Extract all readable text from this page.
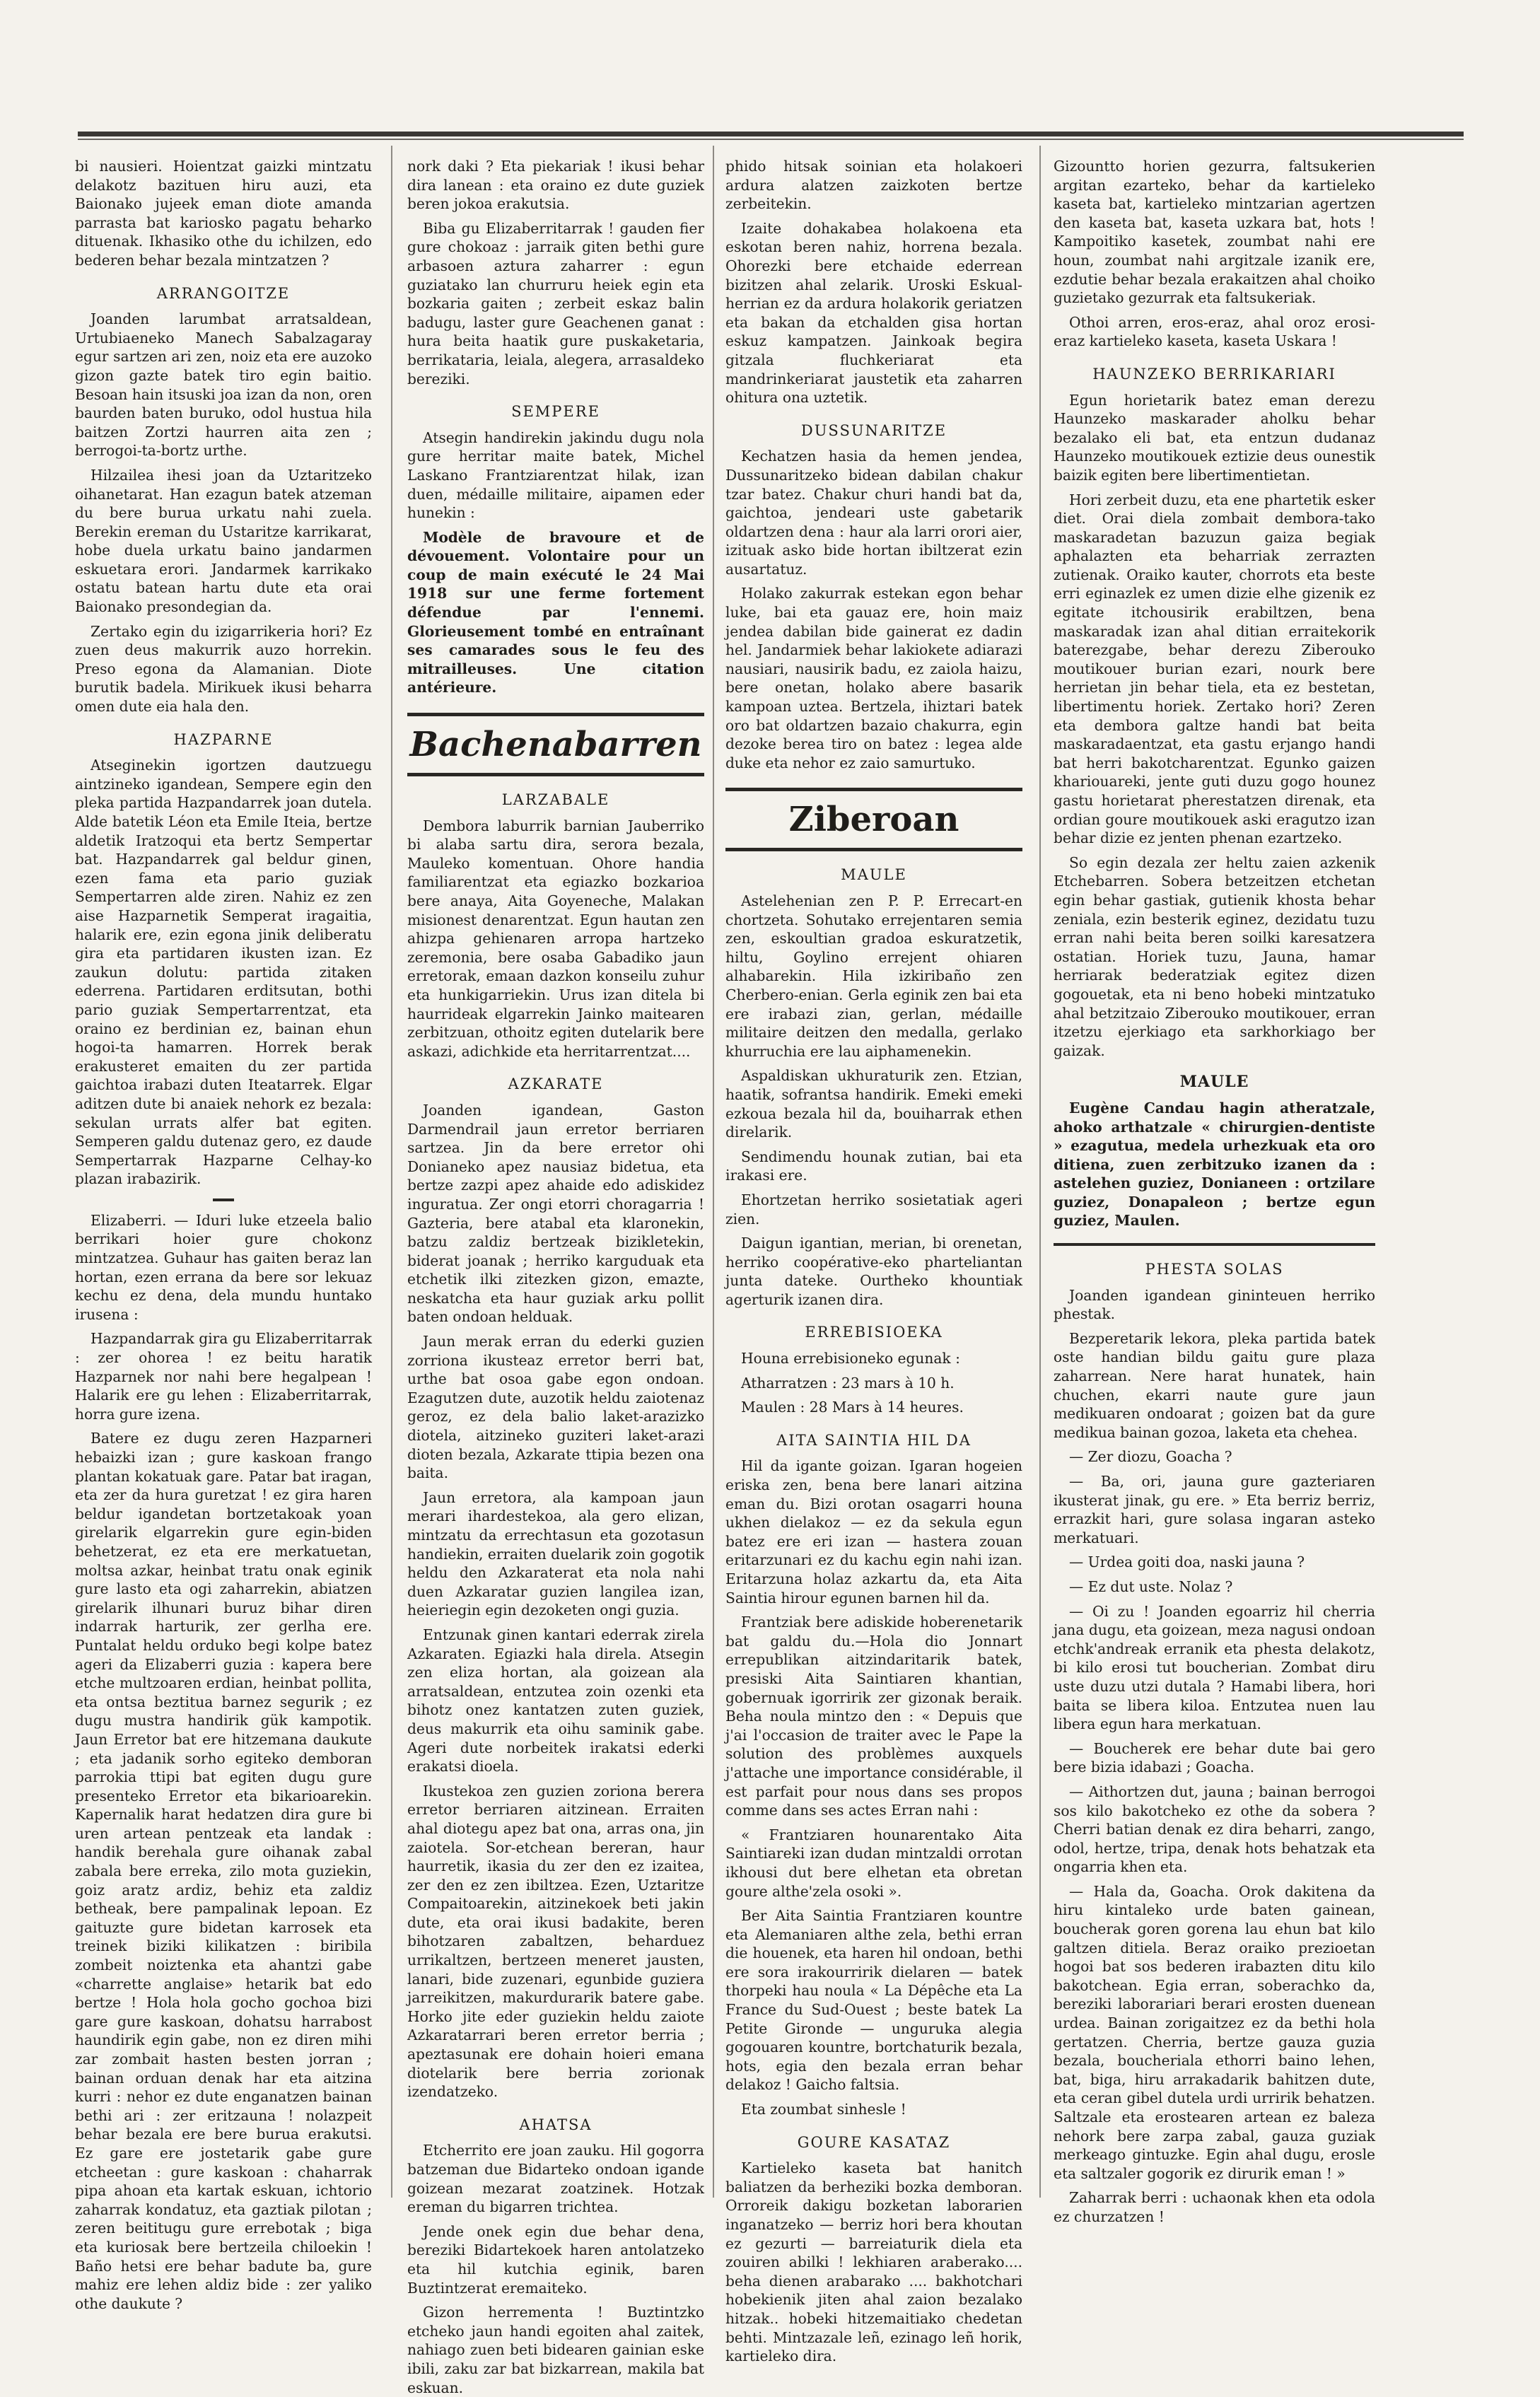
bi nausieri. Hoientzat gaizki mintzatu delakotz bazituen hiru auzi, eta Baionako jujeek eman diote amanda parrasta bat kariosko pagatu beharko dituenak. Ikhasiko othe du ichilzen, edo bederen behar bezala mintzatzen ?

ARRANGOITZE

Joanden larumbat arratsaldean, Urtubiaeneko Manech Sabalzagaray egur sartzen ari zen, noiz eta ere auzoko gizon gazte batek tiro egin baitio. Besoan hain itsuski joa izan da non, oren baurden baten buruko, odol hustua hila baitzen Zortzi haurren aita zen ; berrogoi-ta-bortz urthe.

Hilzailea ihesi joan da Uztaritzeko oihanetarat. Han ezagun batek atzeman du bere burua urkatu nahi zuela. Berekin ereman du Ustaritze karrikarat, hobe duela urkatu baino jandarmen eskuetara erori. Jandarmek karrikako ostatu batean hartu dute eta orai Baionako presondegian da.

Zertako egin du izigarrikeria hori? Ez zuen deus makurrik auzo horrekin. Preso egona da Alamanian. Diote burutik badela. Mirikuek ikusi beharra omen dute eia hala den.

HAZPARNE

Atseginekin igortzen dautzuegu aintzineko igandean, Sempere egin den pleka partida Hazpandarrek joan dutela. Alde batetik Léon eta Emile Iteia, bertze aldetik Iratzoqui eta bertz Sempertar bat. Hazpandarrek gal beldur ginen, ezen fama eta pario guziak Sempertarren alde ziren. Nahiz ez zen aise Hazparnetik Semperat iragaitia, halarik ere, ezin egona jinik deliberatu gira eta partidaren ikusten izan. Ez zaukun dolutu: partida zitaken ederrena. Partidaren erditsutan, bothi pario guziak Sempertarrentzat, eta oraino ez berdinian ez, bainan ehun hogoi-ta hamarren. Horrek berak erakusteret emaiten du zer partida gaichtoa irabazi duten Iteatarrek. Elgar aditzen dute bi anaiek nehork ez bezala: sekulan urrats alfer bat egiten. Semperen galdu dutenaz gero, ez daude Sempertarrak Hazparne Celhay-ko plazan irabazirik.

Elizaberri. — Iduri luke etzeela balio berrikari hoier gure chokonz mintzatzea. Guhaur has gaiten beraz lan hortan, ezen errana da bere sor lekuaz kechu ez dena, dela mundu huntako irusena :

Hazpandarrak gira gu Elizaberritarrak : zer ohorea ! ez beitu haratik Hazparnek nor nahi bere hegalpean ! Halarik ere gu lehen : Elizaberritarrak, horra gure izena.

Batere ez dugu zeren Hazparneri hebaizki izan ; gure kaskoan frango plantan kokatuak gare. Patar bat iragan, eta zer da hura guretzat ! ez gira haren beldur igandetan bortzetakoak yoan girelarik elgarrekin gure egin-biden behetzerat, ez eta ere merkatuetan, moltsa azkar, heinbat tratu onak eginik gure lasto eta ogi zaharrekin, abiatzen girelarik ilhunari buruz bihar diren indarrak harturik, zer gerlha ere. Puntalat heldu orduko begi kolpe batez ageri da Elizaberri guzia : kapera bere etche multzoaren erdian, heinbat pollita, eta ontsa beztitua barnez segurik ; ez dugu mustra handirik gük kampotik. Jaun Erretor bat ere hitzemana daukute ; eta jadanik sorho egiteko demboran parrokia ttipi bat egiten dugu gure presenteko Erretor eta bikarioarekin. Kapernalik harat hedatzen dira gure bi uren artean pentzeak eta landak : handik berehala gure oihanak zabal zabala bere erreka, zilo mota guziekin, goiz aratz ardiz, behiz eta zaldiz betheak, bere pampalinak lepoan. Ez gaituzte gure bidetan karrosek eta treinek biziki kilikatzen : biribila zombeit noiztenka eta ahantzi gabe «charrette anglaise» hetarik bat edo bertze ! Hola hola gocho gochoa bizi gare gure kaskoan, dohatsu harrabost haundirik egin gabe, non ez diren mihi zar zombait hasten besten jorran ; bainan orduan denak har eta aitzina kurri : nehor ez dute enganatzen bainan bethi ari : zer eritzauna ! nolazpeit behar bezala ere bere burua erakutsi. Ez gare ere jostetarik gabe gure etcheetan : gure kaskoan : chaharrak pipa ahoan eta kartak eskuan, ichtorio zaharrak kondatuz, eta gaztiak pilotan ; zeren beititugu gure errebotak ; biga eta kuriosak bere bertzeila chiloekin ! Baño hetsi ere behar badute ba, gure mahiz ere lehen aldiz bide : zer yaliko othe daukute ?

nork daki ? Eta piekariak ! ikusi behar dira lanean : eta oraino ez dute guziek beren jokoa erakutsia.

Biba gu Elizaberritarrak ! gauden fier gure chokoaz : jarraik giten bethi gure arbasoen aztura zaharrer : egun guziatako lan churruru heiek egin eta bozkaria gaiten ; zerbeit eskaz balin badugu, laster gure Geachenen ganat : hura beita haatik gure puskaketaria, berrikataria, leiala, alegera, arrasaldeko bereziki.

SEMPERE

Atsegin handirekin jakindu dugu nola gure herritar maite batek, Michel Laskano Frantziarentzat hilak, izan duen, médaille militaire, aipamen eder hunekin :

Modèle de bravoure et de dévouement. Volontaire pour un coup de main exécuté le 24 Mai 1918 sur une ferme fortement défendue par l'ennemi. Glorieusement tombé en entraînant ses camarades sous le feu des mitrailleuses. Une citation antérieure.

Bachenabarren
LARZABALE

Dembora laburrik barnian Jauberriko bi alaba sartu dira, serora bezala, Mauleko komentuan. Ohore handia familiarentzat eta egiazko bozkarioa bere anaya, Aita Goyeneche, Malakan misionest denarentzat. Egun hautan zen ahizpa gehienaren arropa hartzeko zeremonia, bere osaba Gabadiko jaun erretorak, emaan dazkon konseilu zuhur eta hunkigarriekin. Urus izan ditela bi haurrideak elgarrekin Jainko maitearen zerbitzuan, othoitz egiten dutelarik bere askazi, adichkide eta herritarrentzat....

AZKARATE

Joanden igandean, Gaston Darmendrail jaun erretor berriaren sartzea. Jin da bere erretor ohi Donianeko apez nausiaz bidetua, eta bertze zazpi apez ahaide edo adiskidez inguratua. Zer ongi etorri choragarria ! Gazteria, bere atabal eta klaronekin, batzu zaldiz bertzeak bizikletekin, biderat joanak ; herriko karguduak eta etchetik ilki zitezken gizon, emazte, neskatcha eta haur guziak arku pollit baten ondoan helduak.

Jaun merak erran du ederki guzien zorriona ikusteaz erretor berri bat, urthe bat osoa gabe egon ondoan. Ezagutzen dute, auzotik heldu zaiotenaz geroz, ez dela balio laket-arazizko diotela, aitzineko guziteri laket-arazi dioten bezala, Azkarate ttipia bezen ona baita.

Jaun erretora, ala kampoan jaun merari ihardestekoa, ala gero elizan, mintzatu da errechtasun eta gozotasun handiekin, erraiten duelarik zoin gogotik heldu den Azkaraterat eta nola nahi duen Azkaratar guzien langilea izan, heieriegin egin dezoketen ongi guzia.

Entzunak ginen kantari ederrak zirela Azkaraten. Egiazki hala direla. Atsegin zen eliza hortan, ala goizean ala arratsaldean, entzutea zoin ozenki eta bihotz onez kantatzen zuten guziek, deus makurrik eta oihu saminik gabe. Ageri dute norbeitek irakatsi ederki erakatsi dioela.

Ikustekoa zen guzien zoriona berera erretor berriaren aitzinean. Erraiten ahal diotegu apez bat ona, arras ona, jin zaiotela. Sor-etchean bereran, haur haurretik, ikasia du zer den ez izaitea, zer den ez zen ibiltzea. Ezen, Uztaritze Compaitoarekin, aitzinekoek beti jakin dute, eta orai ikusi badakite, beren bihotzaren zabaltzen, beharduez urrikaltzen, bertzeen meneret jausten, lanari, bide zuzenari, egunbide guziera jarreikitzen, makurdurarik batere gabe. Horko jite eder guziekin heldu zaiote Azkaratarrari beren erretor berria ; apeztasunak ere dohain hoieri emana diotelarik bere berria zorionak izendatzeko.

AHATSA

Etcherrito ere joan zauku. Hil gogorra batzeman due Bidarteko ondoan igande goizean mezarat zoatzinek. Hotzak ereman du bigarren trichtea.

Jende onek egin due behar dena, bereziki Bidartekoek haren antolatzeko eta hil kutchia eginik, baren Buztintzerat eremaiteko.

Gizon herrementa ! Buztintzko etcheko jaun handi egoiten ahal zaitek, nahiago zuen beti bidearen gainian eske ibili, zaku zar bat bizkarrean, makila bat eskuan.

phido hitsak soinian eta holakoeri ardura alatzen zaizkoten bertze zerbeitekin.

Izaite dohakabea holakoena eta eskotan beren nahiz, horrena bezala. Ohorezki bere etchaide ederrean bizitzen ahal zelarik. Uroski Eskual-herrian ez da ardura holakorik geriatzen eta bakan da etchalden gisa hortan eskuz kampatzen. Jainkoak begira gitzala fluchkeriarat eta mandrinkeriarat jaustetik eta zaharren ohitura ona uztetik.

DUSSUNARITZE

Kechatzen hasia da hemen jendea, Dussunaritzeko bidean dabilan chakur tzar batez. Chakur churi handi bat da, gaichtoa, jendeari uste gabetarik oldartzen dena : haur ala larri orori aier, izituak asko bide hortan ibiltzerat ezin ausartatuz.

Holako zakurrak estekan egon behar luke, bai eta gauaz ere, hoin maiz jendea dabilan bide gainerat ez dadin hel. Jandarmiek behar lakiokete adiarazi nausiari, nausirik badu, ez zaiola haizu, bere onetan, holako abere basarik kampoan uztea. Bertzela, ihiztari batek oro bat oldartzen bazaio chakurra, egin dezoke berea tiro on batez : legea alde duke eta nehor ez zaio samurtuko.

Ziberoan
MAULE

Astelehenian zen P. P. Errecart-en chortzeta. Sohutako errejentaren semia zen, eskoultian gradoa eskuratzetik, hiltu, Goylino errejent ohiaren alhabarekin. Hila izkiribaño zen Cherbero-enian. Gerla eginik zen bai eta ere irabazi zian, gerlan, médaille militaire deitzen den medalla, gerlako khurruchia ere lau aiphamenekin.

Aspaldiskan ukhuraturik zen. Etzian, haatik, sofrantsa handirik. Emeki emeki ezkoua bezala hil da, bouiharrak ethen direlarik.

Sendimendu hounak zutian, bai eta irakasi ere.

Ehortzetan herriko sosietatiak ageri zien.

Daigun igantian, merian, bi orenetan, herriko coopérative-eko pharteliantan junta dateke. Ourtheko khountiak agerturik izanen dira.

ERREBISIOEKA

Houna errebisioneko egunak :

Atharratzen : 23 mars à 10 h.

Maulen : 28 Mars à 14 heures.

AITA SAINTIA HIL DA

Hil da igante goizan. Igaran hogeien eriska zen, bena bere lanari aitzina eman du. Bizi orotan osagarri houna ukhen dielakoz — ez da sekula egun batez ere eri izan — hastera zouan eritarzunari ez du kachu egin nahi izan. Eritarzuna holaz azkartu da, eta Aita Saintia hirour egunen barnen hil da.

Frantziak bere adiskide hoberenetarik bat galdu du.—Hola dio Jonnart errepublikan aitzindaritarik batek, presiski Aita Saintiaren khantian, gobernuak igorririk zer gizonak beraik. Beha noula mintzo den : « Depuis que j'ai l'occasion de traiter avec le Pape la solution des problèmes auxquels j'attache une importance considérable, il est parfait pour nous dans ses propos comme dans ses actes Erran nahi :

« Frantziaren hounarentako Aita Saintiareki izan dudan mintzaldi orrotan ikhousi dut bere elhetan eta obretan goure althe'zela osoki ».

Ber Aita Saintia Frantziaren kountre eta Alemaniaren althe zela, bethi erran die houenek, eta haren hil ondoan, bethi ere sora irakourririk dielaren — batek thorpeki hau noula « La Dépêche eta La France du Sud-Ouest ; beste batek La Petite Gironde — unguruka alegia gogouaren kountre, bortchaturik bezala, hots, egia den bezala erran behar delakoz ! Gaicho faltsia.

Eta zoumbat sinhesle !

GOURE KASATAZ

Kartieleko kaseta bat hanitch baliatzen da berheziki bozka demboran. Orroreik dakigu bozketan laborarien inganatzeko — berriz hori bera khoutan ez gezurti — barreiaturik diela eta zouiren abilki ! lekhiaren araberako.... beha dienen arabarako .... bakhotchari hobekienik jiten ahal zaion bezalako hitzak.. hobeki hitzemaitiako chedetan behti. Mintzazale leñ, ezinago leñ horik, kartieleko dira.

Gizountto horien gezurra, faltsukerien argitan ezarteko, behar da kartieleko kaseta bat, kartieleko mintzarian agertzen den kaseta bat, kaseta uzkara bat, hots ! Kampoitiko kasetek, zoumbat nahi ere houn, zoumbat nahi argitzale izanik ere, ezdutie behar bezala erakaitzen ahal choiko guzietako gezurrak eta faltsukeriak.

Othoi arren, eros-eraz, ahal oroz erosi-eraz kartieleko kaseta, kaseta Uskara !

HAUNZEKO BERRIKARIARI

Egun horietarik batez eman derezu Haunzeko maskarader aholku behar bezalako eli bat, eta entzun dudanaz Haunzeko moutikouek eztizie deus ounestik baizik egiten bere libertimentietan.

Hori zerbeit duzu, eta ene phartetik esker diet. Orai diela zombait dembora-tako maskaradetan bazuzun gaiza begiak aphalazten eta beharriak zerrazten zutienak. Oraiko kauter, chorrots eta beste erri eginazlek ez umen dizie elhe gizenik ez egitate itchousirik erabiltzen, bena maskaradak izan ahal ditian erraitekorik baterezgabe, behar derezu Ziberouko moutikouer burian ezari, nourk bere herrietan jin behar tiela, eta ez bestetan, libertimentu horiek. Zertako hori? Zeren eta dembora galtze handi bat beita maskaradaentzat, eta gastu erjango handi bat herri bakotcharentzat. Egunko gaizen khariouareki, jente guti duzu gogo hounez gastu horietarat pherestatzen direnak, eta ordian goure moutikouek aski eragutzo izan behar dizie ez jenten phenan ezartzeko.

So egin dezala zer heltu zaien azkenik Etchebarren. Sobera betzeitzen etchetan egin behar gastiak, gutienik khosta behar zeniala, ezin besterik eginez, dezidatu tuzu erran nahi beita beren soilki karesatzera ostatian. Horiek tuzu, Jauna, hamar herriarak bederatziak egitez dizen gogouetak, eta ni beno hobeki mintzatuko ahal betzitzaio Ziberouko moutikouer, erran itzetzu ejerkiago eta sarkhorkiago ber gaizak.

MAULE

Eugène Candau hagin atheratzale, ahoko arthatzale « chirurgien-dentiste » ezagutua, medela urhezkuak eta oro ditiena, zuen zerbitzuko izanen da : astelehen guziez, Donianeen : ortzilare guziez, Donapaleon ; bertze egun guziez, Maulen.

PHESTA SOLAS

Joanden igandean gininteuen herriko phestak.

Bezperetarik lekora, pleka partida batek oste handian bildu gaitu gure plaza zaharrean. Nere harat hunatek, hain chuchen, ekarri naute gure jaun medikuaren ondoarat ; goizen bat da gure medikua bainan gozoa, laketa eta chehea.

— Zer diozu, Goacha ?

— Ba, ori, jauna gure gazteriaren ikusterat jinak, gu ere. » Eta berriz berriz, errazkit hari, gure solasa ingaran asteko merkatuari.

— Urdea goiti doa, naski jauna ?

— Ez dut uste. Nolaz ?

— Oi zu ! Joanden egoarriz hil cherria jana dugu, eta goizean, meza nagusi ondoan etchk'andreak erranik eta phesta delakotz, bi kilo erosi tut boucherian. Zombat diru uste duzu utzi dutala ? Hamabi libera, hori baita se libera kiloa. Entzutea nuen lau libera egun hara merkatuan.

— Boucherek ere behar dute bai gero bere bizia idabazi ; Goacha.

— Aithortzen dut, jauna ; bainan berrogoi sos kilo bakotcheko ez othe da sobera ? Cherri batian denak ez dira beharri, zango, odol, hertze, tripa, denak hots behatzak eta ongarria khen eta.

— Hala da, Goacha. Orok dakitena da hiru kintaleko urde baten gainean, boucherak goren gorena lau ehun bat kilo galtzen ditiela. Beraz oraiko prezioetan hogoi bat sos bederen irabazten ditu kilo bakotchean. Egia erran, soberachko da, bereziki laborariari berari erosten duenean urdea. Bainan zorigaitzez ez da bethi hola gertatzen. Cherria, bertze gauza guzia bezala, boucheriala ethorri baino lehen, bat, biga, hiru arrakadarik bahitzen dute, eta ceran gibel dutela urdi urririk behatzen. Saltzale eta erostearen artean ez baleza nehork bere zarpa zabal, gauza guziak merkeago gintuzke. Egin ahal dugu, erosle eta saltzaler gogorik ez dirurik eman ! »

Zaharrak berri : uchaonak khen eta odola ez churzatzen !
